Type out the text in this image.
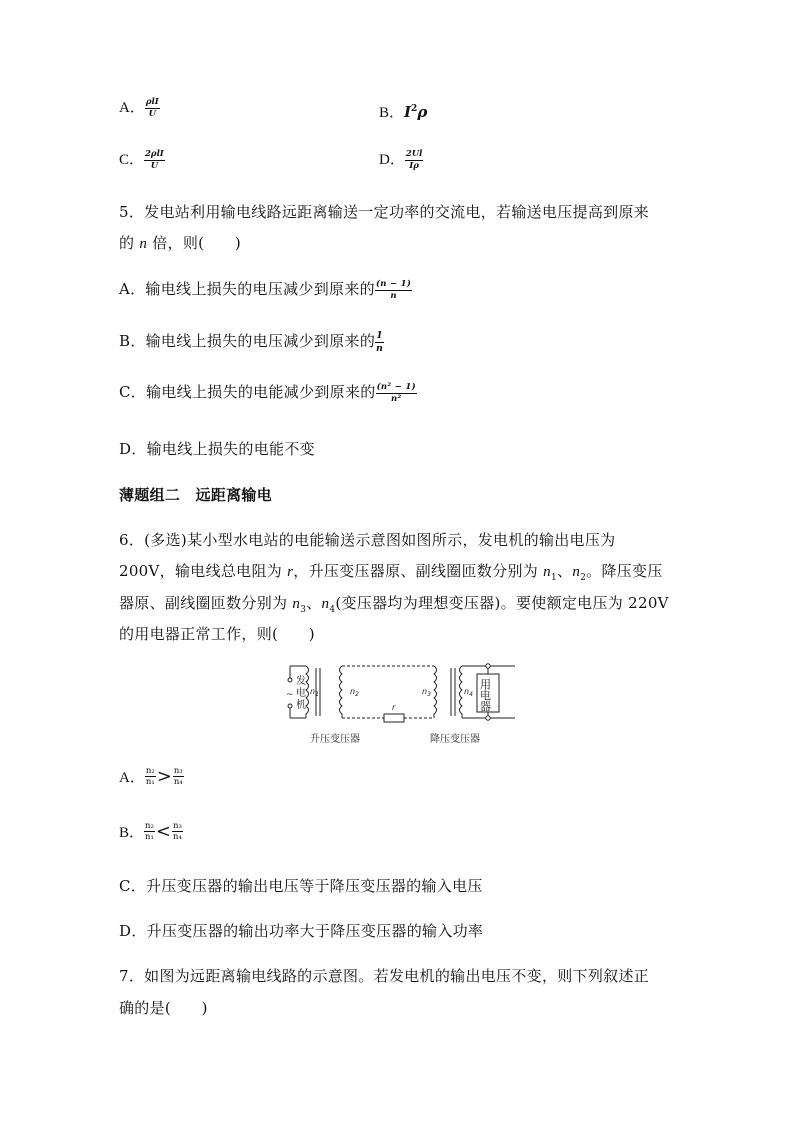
A． $\frac{\text{ρlI}}{U}$	B．$I^2\rho$
C． $\frac{\text{2ρlI}}{U}$	D． $\frac{2Ul}{I\rho}$
5．发电站利用输电线路远距离输送一定功率的交流电，若输送电压提高到原来
的 n 倍，则(　　)
A．输电线上损失的电压减少到原来的 $\frac{(n - 1)}{n}$
B．输电线上损失的电压减少到原来的 $\frac{1}{n}$
C．输电线上损失的电能减少到原来的 $\frac{\text{(n² − 1)}}{\text{n²}}$
D．输电线上损失的电能不变
薄题组二　远距离输电
6．(多选)某小型水电站的电能输送示意图如图所示，发电机的输出电压为
200V，输电线总电阻为 r，升压变压器原、副线圈匝数分别为 $n_1$、$n_2$。降压变压
器原、副线圈匝数分别为 $n_3$、$n_4$(变压器均为理想变压器)。要使额定电压为 220V
的用电器正常工作，则(　　)
发
电
机
~
用
电
器
升压变压器	降压变压器
$n_1$	$n_2$	$n_3$	$n_4$
r
A． $\frac{\text{n₂}}{\text{n₁}} > \frac{\text{n₃}}{\text{n₄}}$
B． $\frac{\text{n₂}}{\text{n₁}} < \frac{\text{n₃}}{\text{n₄}}$
C．升压变压器的输出电压等于降压变压器的输入电压
D．升压变压器的输出功率大于降压变压器的输入功率
7．如图为远距离输电线路的示意图。若发电机的输出电压不变，则下列叙述正
确的是(　　)
